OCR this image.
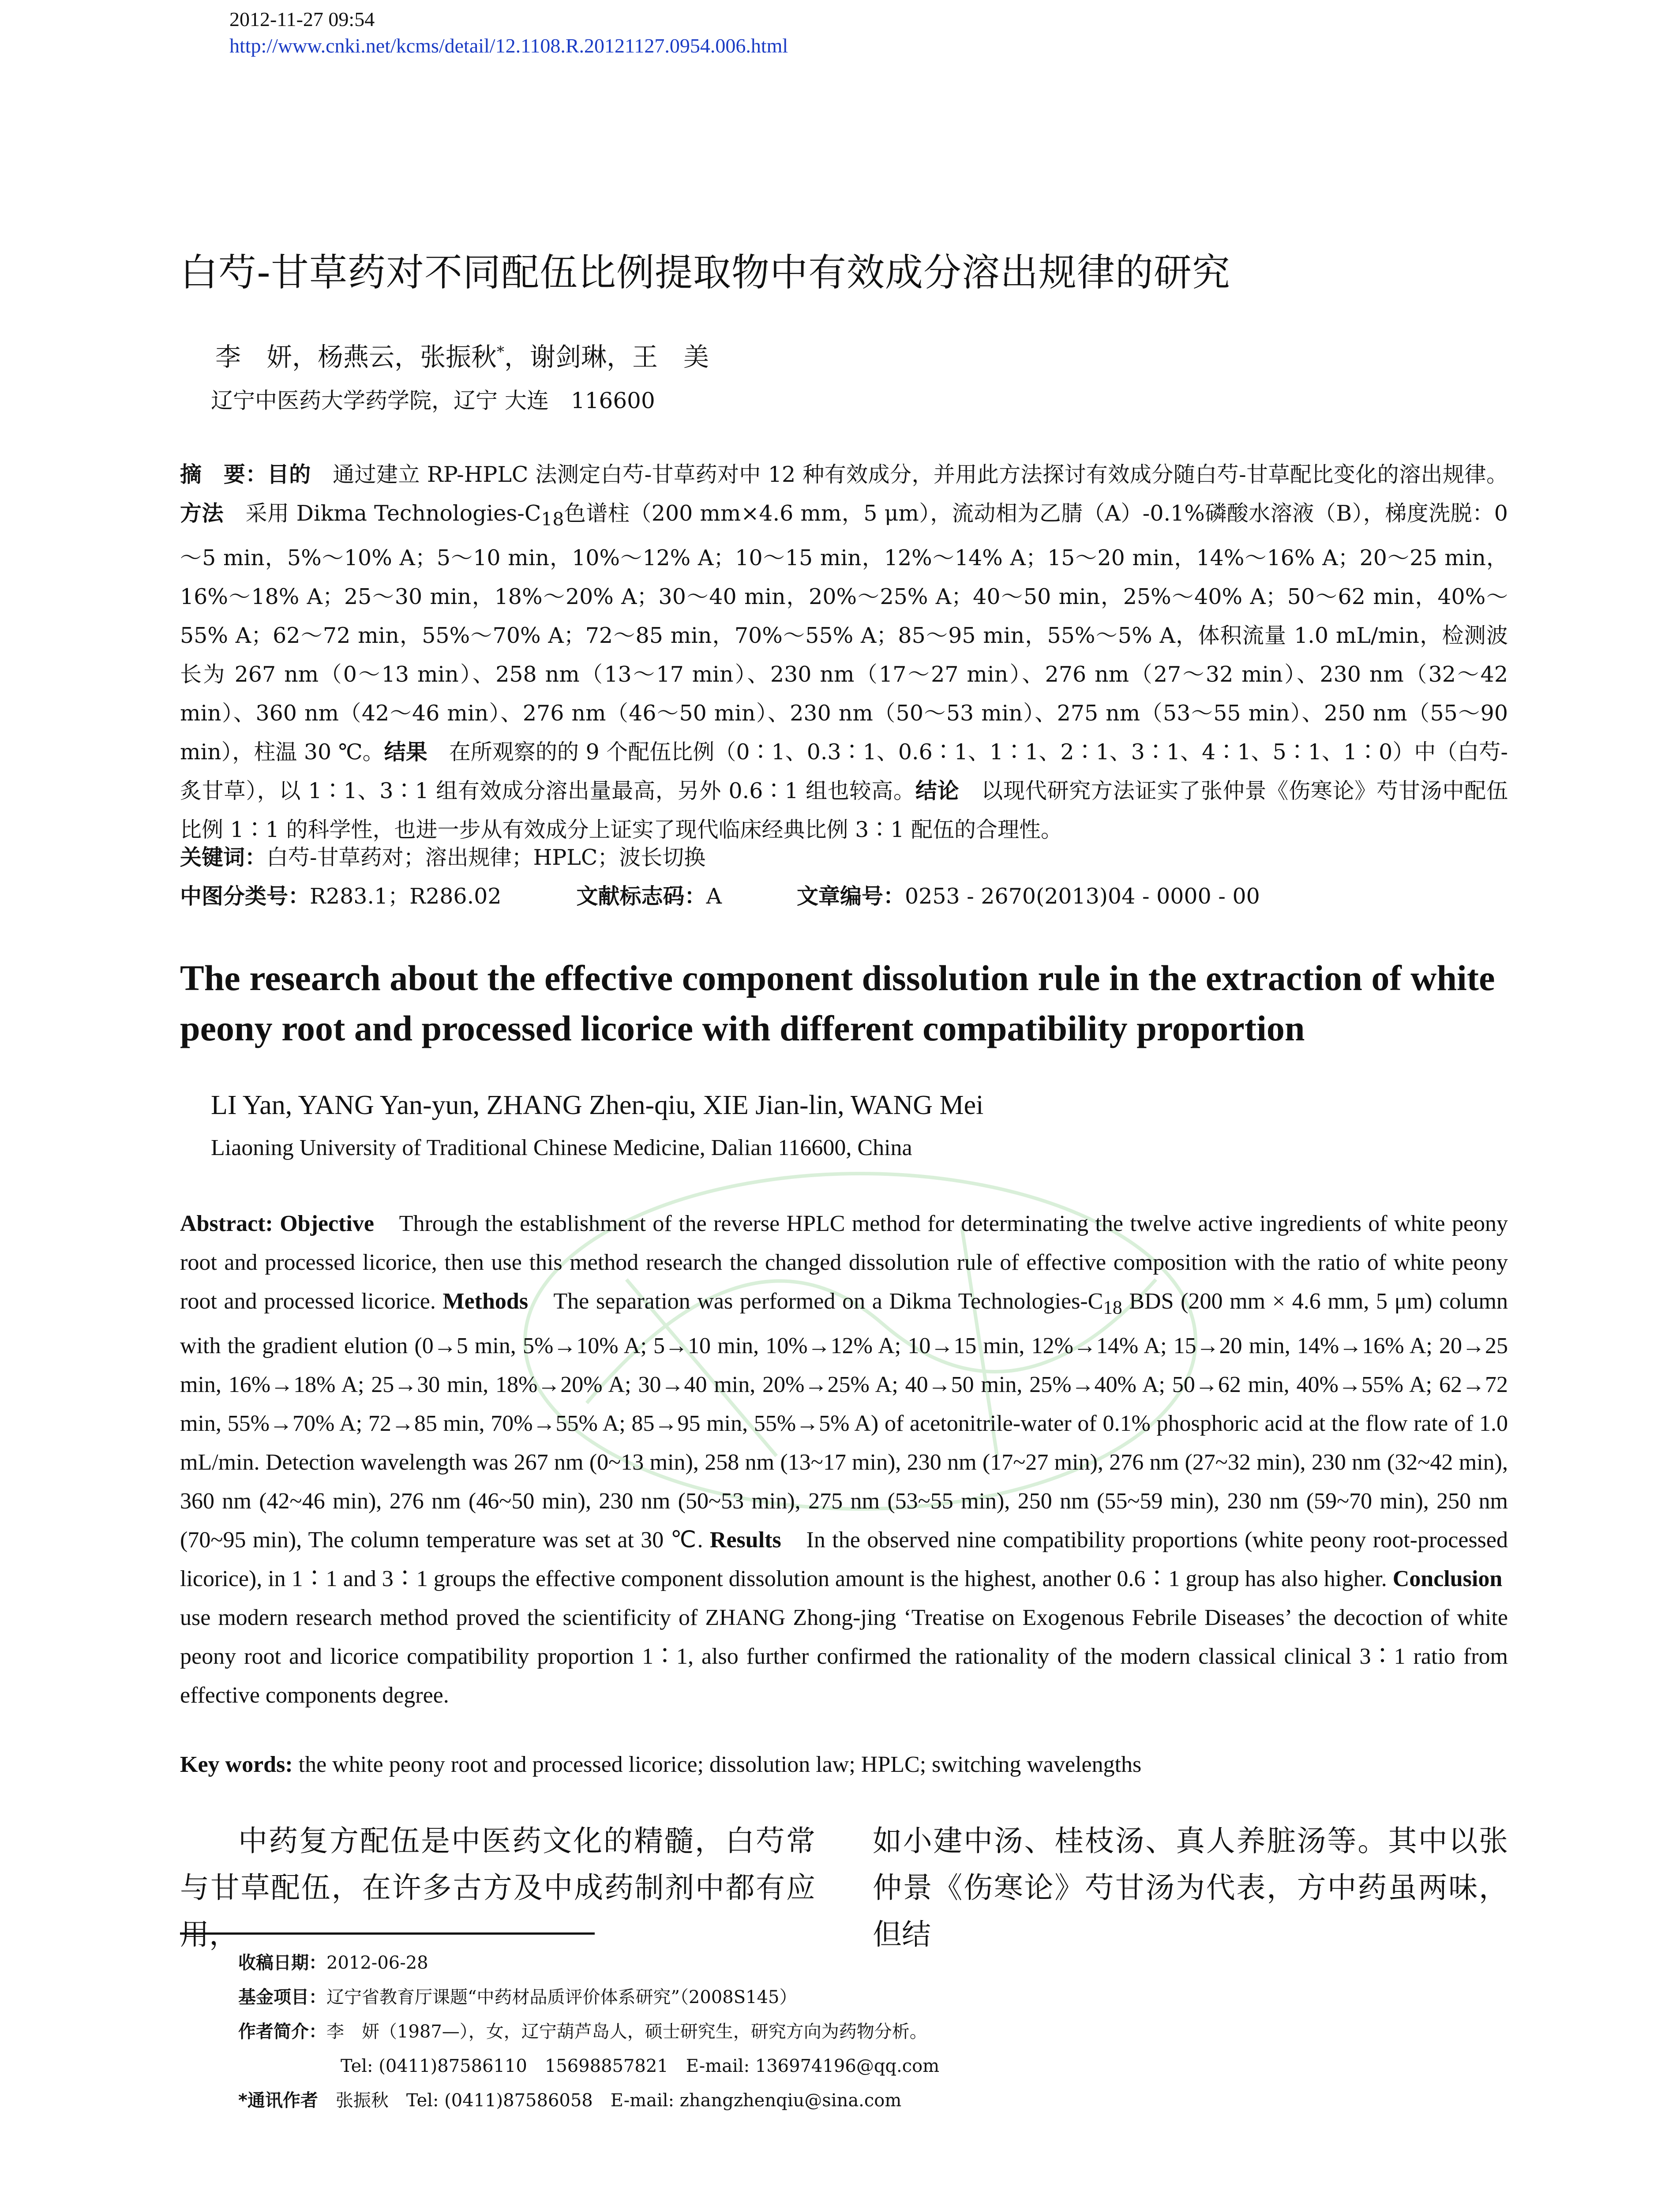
2012-11-27 09:54
http://www.cnki.net/kcms/detail/12.1108.R.20121127.0954.006.html
白芍-甘草药对不同配伍比例提取物中有效成分溶出规律的研究
李　妍，杨燕云，张振秋*，谢剑琳，王　美
辽宁中医药大学药学院，辽宁 大连　116600
摘　要：目的　通过建立 RP-HPLC 法测定白芍-甘草药对中 12 种有效成分，并用此方法探讨有效成分随白芍-甘草配比变化的溶出规律。方法　采用 Dikma Technologies-$C_{18}$色谱柱（200 mm×4.6 mm，5 μm），流动相为乙腈（A）-0.1%磷酸水溶液（B），梯度洗脱：0～5 min，5%～10% A；5～10 min，10%～12% A；10～15 min，12%～14% A；15～20 min，14%～16% A；20～25 min，16%～18% A；25～30 min，18%～20% A；30～40 min，20%～25% A；40～50 min，25%～40% A；50～62 min，40%～55% A；62～72 min，55%～70% A；72～85 min，70%～55% A；85～95 min，55%～5% A，体积流量 1.0 mL/min，检测波长为 267 nm（0～13 min）、258 nm（13～17 min）、230 nm（17～27 min）、276 nm（27～32 min）、230 nm（32～42 min）、360 nm（42～46 min）、276 nm（46～50 min）、230 nm（50～53 min）、275 nm（53～55 min）、250 nm（55～90 min），柱温 30 ℃。结果　在所观察的的 9 个配伍比例（0∶1、0.3∶1、0.6∶1、1∶1、2∶1、3∶1、4∶1、5∶1、1∶0）中（白芍-炙甘草），以 1∶1、3∶1 组有效成分溶出量最高，另外 0.6∶1 组也较高。结论　以现代研究方法证实了张仲景《伤寒论》芍甘汤中配伍比例 1∶1 的科学性，也进一步从有效成分上证实了现代临床经典比例 3∶1 配伍的合理性。
关键词：白芍-甘草药对；溶出规律；HPLC；波长切换
中图分类号：R283.1；R286.02	文献标志码：A	文章编号：0253 - 2670(2013)04 - 0000 - 00
The research about the effective component dissolution rule in the extraction of white peony root and processed licorice with different compatibility proportion
LI Yan, YANG Yan-yun, ZHANG Zhen-qiu, XIE Jian-lin, WANG Mei
Liaoning University of Traditional Chinese Medicine, Dalian 116600, China
Abstract: Objective　Through the establishment of the reverse HPLC method for determinating the twelve active ingredients of white peony root and processed licorice, then use this method research the changed dissolution rule of effective composition with the ratio of white peony root and processed licorice. Methods　The separation was performed on a Dikma Technologies-$C_{18}$ BDS (200 mm × 4.6 mm, 5 μm) column with the gradient elution (0→5 min, 5%→10% A; 5→10 min, 10%→12% A; 10→15 min, 12%→14% A; 15→20 min, 14%→16% A; 20→25 min, 16%→18% A; 25→30 min, 18%→20% A; 30→40 min, 20%→25% A; 40→50 min, 25%→40% A; 50→62 min, 40%→55% A; 62→72 min, 55%→70% A; 72→85 min, 70%→55% A; 85→95 min, 55%→5% A) of acetonitrile-water of 0.1% phosphoric acid at the flow rate of 1.0 mL/min. Detection wavelength was 267 nm (0~13 min), 258 nm (13~17 min), 230 nm (17~27 min), 276 nm (27~32 min), 230 nm (32~42 min), 360 nm (42~46 min), 276 nm (46~50 min), 230 nm (50~53 min), 275 nm (53~55 min), 250 nm (55~59 min), 230 nm (59~70 min), 250 nm (70~95 min), The column temperature was set at 30 ℃. Results　In the observed nine compatibility proportions (white peony root-processed licorice), in 1∶1 and 3∶1 groups the effective component dissolution amount is the highest, another 0.6∶1 group has also higher. Conclusion　use modern research method proved the scientificity of ZHANG Zhong-jing ‘Treatise on Exogenous Febrile Diseases’ the decoction of white peony root and licorice compatibility proportion 1∶1, also further confirmed the rationality of the modern classical clinical 3∶1 ratio from effective components degree.
Key words: the white peony root and processed licorice; dissolution law; HPLC; switching wavelengths
中药复方配伍是中医药文化的精髓，白芍常与甘草配伍，在许多古方及中成药制剂中都有应用，
如小建中汤、桂枝汤、真人养脏汤等。其中以张仲景《伤寒论》芍甘汤为代表，方中药虽两味，但结
收稿日期：2012-06-28
基金项目：辽宁省教育厅课题“中药材品质评价体系研究”（2008S145）
作者简介：李　妍（1987—），女，辽宁葫芦岛人，硕士研究生，研究方向为药物分析。
Tel: (0411)87586110　15698857821　E-mail: 136974196@qq.com
*通讯作者　张振秋　Tel: (0411)87586058　E-mail: zhangzhenqiu@sina.com
